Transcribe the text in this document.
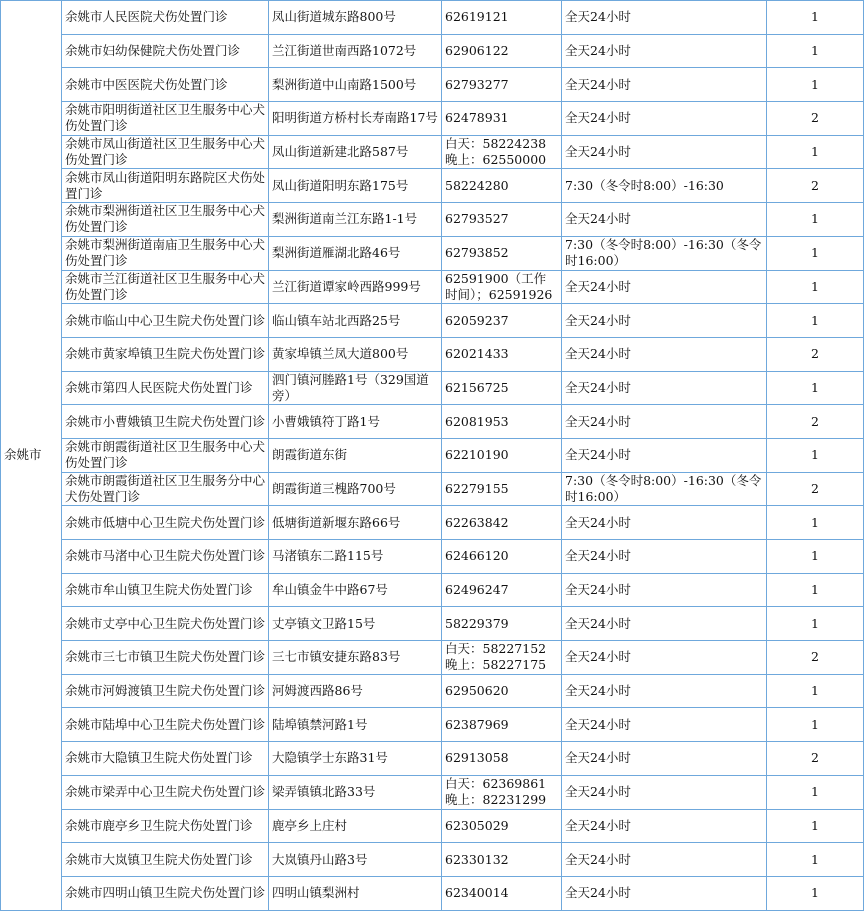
余姚市	余姚市人民医院犬伤处置门诊	凤山街道城东路800号	62619121	全天24小时	1
	余姚市妇幼保健院犬伤处置门诊	兰江街道世南西路1072号	62906122	全天24小时	1
	余姚市中医医院犬伤处置门诊	梨洲街道中山南路1500号	62793277	全天24小时	1
	余姚市阳明街道社区卫生服务中心犬伤处置门诊	阳明街道方桥村长寿南路17号	62478931	全天24小时	2
	余姚市凤山街道社区卫生服务中心犬伤处置门诊	凤山街道新建北路587号	白天：58224238 晚上：62550000	全天24小时	1
	余姚市凤山街道阳明东路院区犬伤处置门诊	凤山街道阳明东路175号	58224280	7:30（冬令时8:00）-16:30	2
	余姚市梨洲街道社区卫生服务中心犬伤处置门诊	梨洲街道南兰江东路1-1号	62793527	全天24小时	1
	余姚市梨洲街道南庙卫生服务中心犬伤处置门诊	梨洲街道雁湖北路46号	62793852	7:30（冬令时8:00）-16:30（冬令时16:00）	1
	余姚市兰江街道社区卫生服务中心犬伤处置门诊	兰江街道谭家岭西路999号	62591900（工作时间）；62591926	全天24小时	1
	余姚市临山中心卫生院犬伤处置门诊	临山镇车站北西路25号	62059237	全天24小时	1
	余姚市黄家埠镇卫生院犬伤处置门诊	黄家埠镇兰凤大道800号	62021433	全天24小时	2
	余姚市第四人民医院犬伤处置门诊	泗门镇河塍路1号（329国道旁）	62156725	全天24小时	1
	余姚市小曹娥镇卫生院犬伤处置门诊	小曹娥镇符丁路1号	62081953	全天24小时	2
	余姚市朗霞街道社区卫生服务中心犬伤处置门诊	朗霞街道东街	62210190	全天24小时	1
	余姚市朗霞街道社区卫生服务分中心犬伤处置门诊	朗霞街道三槐路700号	62279155	7:30（冬令时8:00）-16:30（冬令时16:00）	2
	余姚市低塘中心卫生院犬伤处置门诊	低塘街道新堰东路66号	62263842	全天24小时	1
	余姚市马渚中心卫生院犬伤处置门诊	马渚镇东二路115号	62466120	全天24小时	1
	余姚市牟山镇卫生院犬伤处置门诊	牟山镇金牛中路67号	62496247	全天24小时	1
	余姚市丈亭中心卫生院犬伤处置门诊	丈亭镇文卫路15号	58229379	全天24小时	1
	余姚市三七市镇卫生院犬伤处置门诊	三七市镇安捷东路83号	白天：58227152 晚上：58227175	全天24小时	2
	余姚市河姆渡镇卫生院犬伤处置门诊	河姆渡西路86号	62950620	全天24小时	1
	余姚市陆埠中心卫生院犬伤处置门诊	陆埠镇禁河路1号	62387969	全天24小时	1
	余姚市大隐镇卫生院犬伤处置门诊	大隐镇学士东路31号	62913058	全天24小时	2
	余姚市梁弄中心卫生院犬伤处置门诊	梁弄镇镇北路33号	白天：62369861 晚上：82231299	全天24小时	1
	余姚市鹿亭乡卫生院犬伤处置门诊	鹿亭乡上庄村	62305029	全天24小时	1
	余姚市大岚镇卫生院犬伤处置门诊	大岚镇丹山路3号	62330132	全天24小时	1
	余姚市四明山镇卫生院犬伤处置门诊	四明山镇梨洲村	62340014	全天24小时	1
